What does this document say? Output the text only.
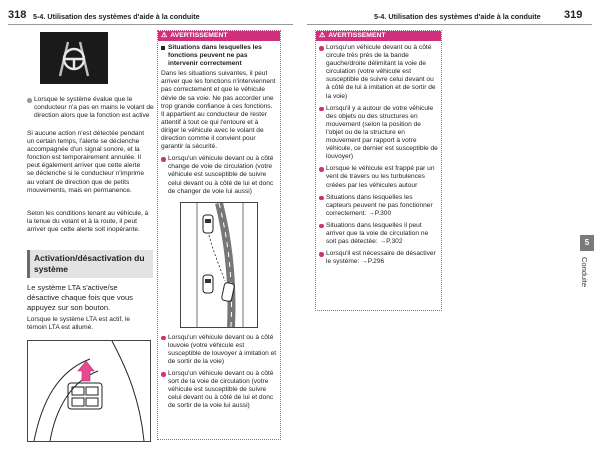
318 5-4. Utilisation des systèmes d'aide à la conduite	5-4. Utilisation des systèmes d'aide à la conduite 319
Lorsque le système évalue que le conducteur n'a pas en mains le volant de direction alors que la fonction est active
Si aucune action n'est détectée pendant un certain temps, l'alerte se déclenche accompagnée d'un signal sonore, et la fonction est temporairement annulée. Il peut également arriver que cette alerte se déclenche si le conducteur n'imprime au volant de direction que de petits mouvements, mais en permanence.
Selon les conditions tenant au véhicule, à la tenue du volant et à la route, il peut arriver que cette alerte soit inopérante.
Activation/désactivation du système
Le système LTA s'active/se désactive chaque fois que vous appuyez sur son bouton.
Lorsque le système LTA est actif, le témoin LTA est allumé.
⚠ AVERTISSEMENT
Situations dans lesquelles les fonctions peuvent ne pas intervenir correctement
Dans les situations suivantes, il peut arriver que les fonctions n'interviennent pas correctement et que le véhicule dévie de sa voie. Ne pas accorder une trop grande confiance à ces fonctions. Il appartient au conducteur de rester attentif à tout ce qui l'entoure et à diriger le véhicule avec le volant de direction comme il convient pour garantir la sécurité.
Lorsqu'un véhicule devant ou à côté change de voie de circulation (votre véhicule est susceptible de suivre celui devant ou à côté de lui et donc de changer de voie lui aussi)
Lorsqu'un véhicule devant ou à côté louvoie (votre véhicule est susceptible de louvoyer à imitation et de sortir de la voie)
Lorsqu'un véhicule devant ou à côté sort de la voie de circulation (votre véhicule est susceptible de suivre celui devant ou à côté de lui et donc de sortir de la voie lui aussi)
⚠ AVERTISSEMENT
Lorsqu'un véhicule devant ou à côté circule très près de la bande gauche/droite délimitant la voie de circulation (votre véhicule est susceptible de suivre celui devant ou à côté de lui à imitation et de sortir de la voie)
Lorsqu'il y a autour de votre véhicule des objets ou des structures en mouvement (selon la position de l'objet ou de la structure en mouvement par rapport à votre véhicule, ce dernier est susceptible de louvoyer)
Lorsque le véhicule est frappé par un vent de travers ou les turbulences créées par les véhicules autour
Situations dans lesquelles les capteurs peuvent ne pas fonctionner correctement: →P.300
Situations dans lesquelles il peut arriver que la voie de circulation ne soit pas détectée: →P.302
Lorsqu'il est nécessaire de désactiver le système: →P.296
5
Conduite
